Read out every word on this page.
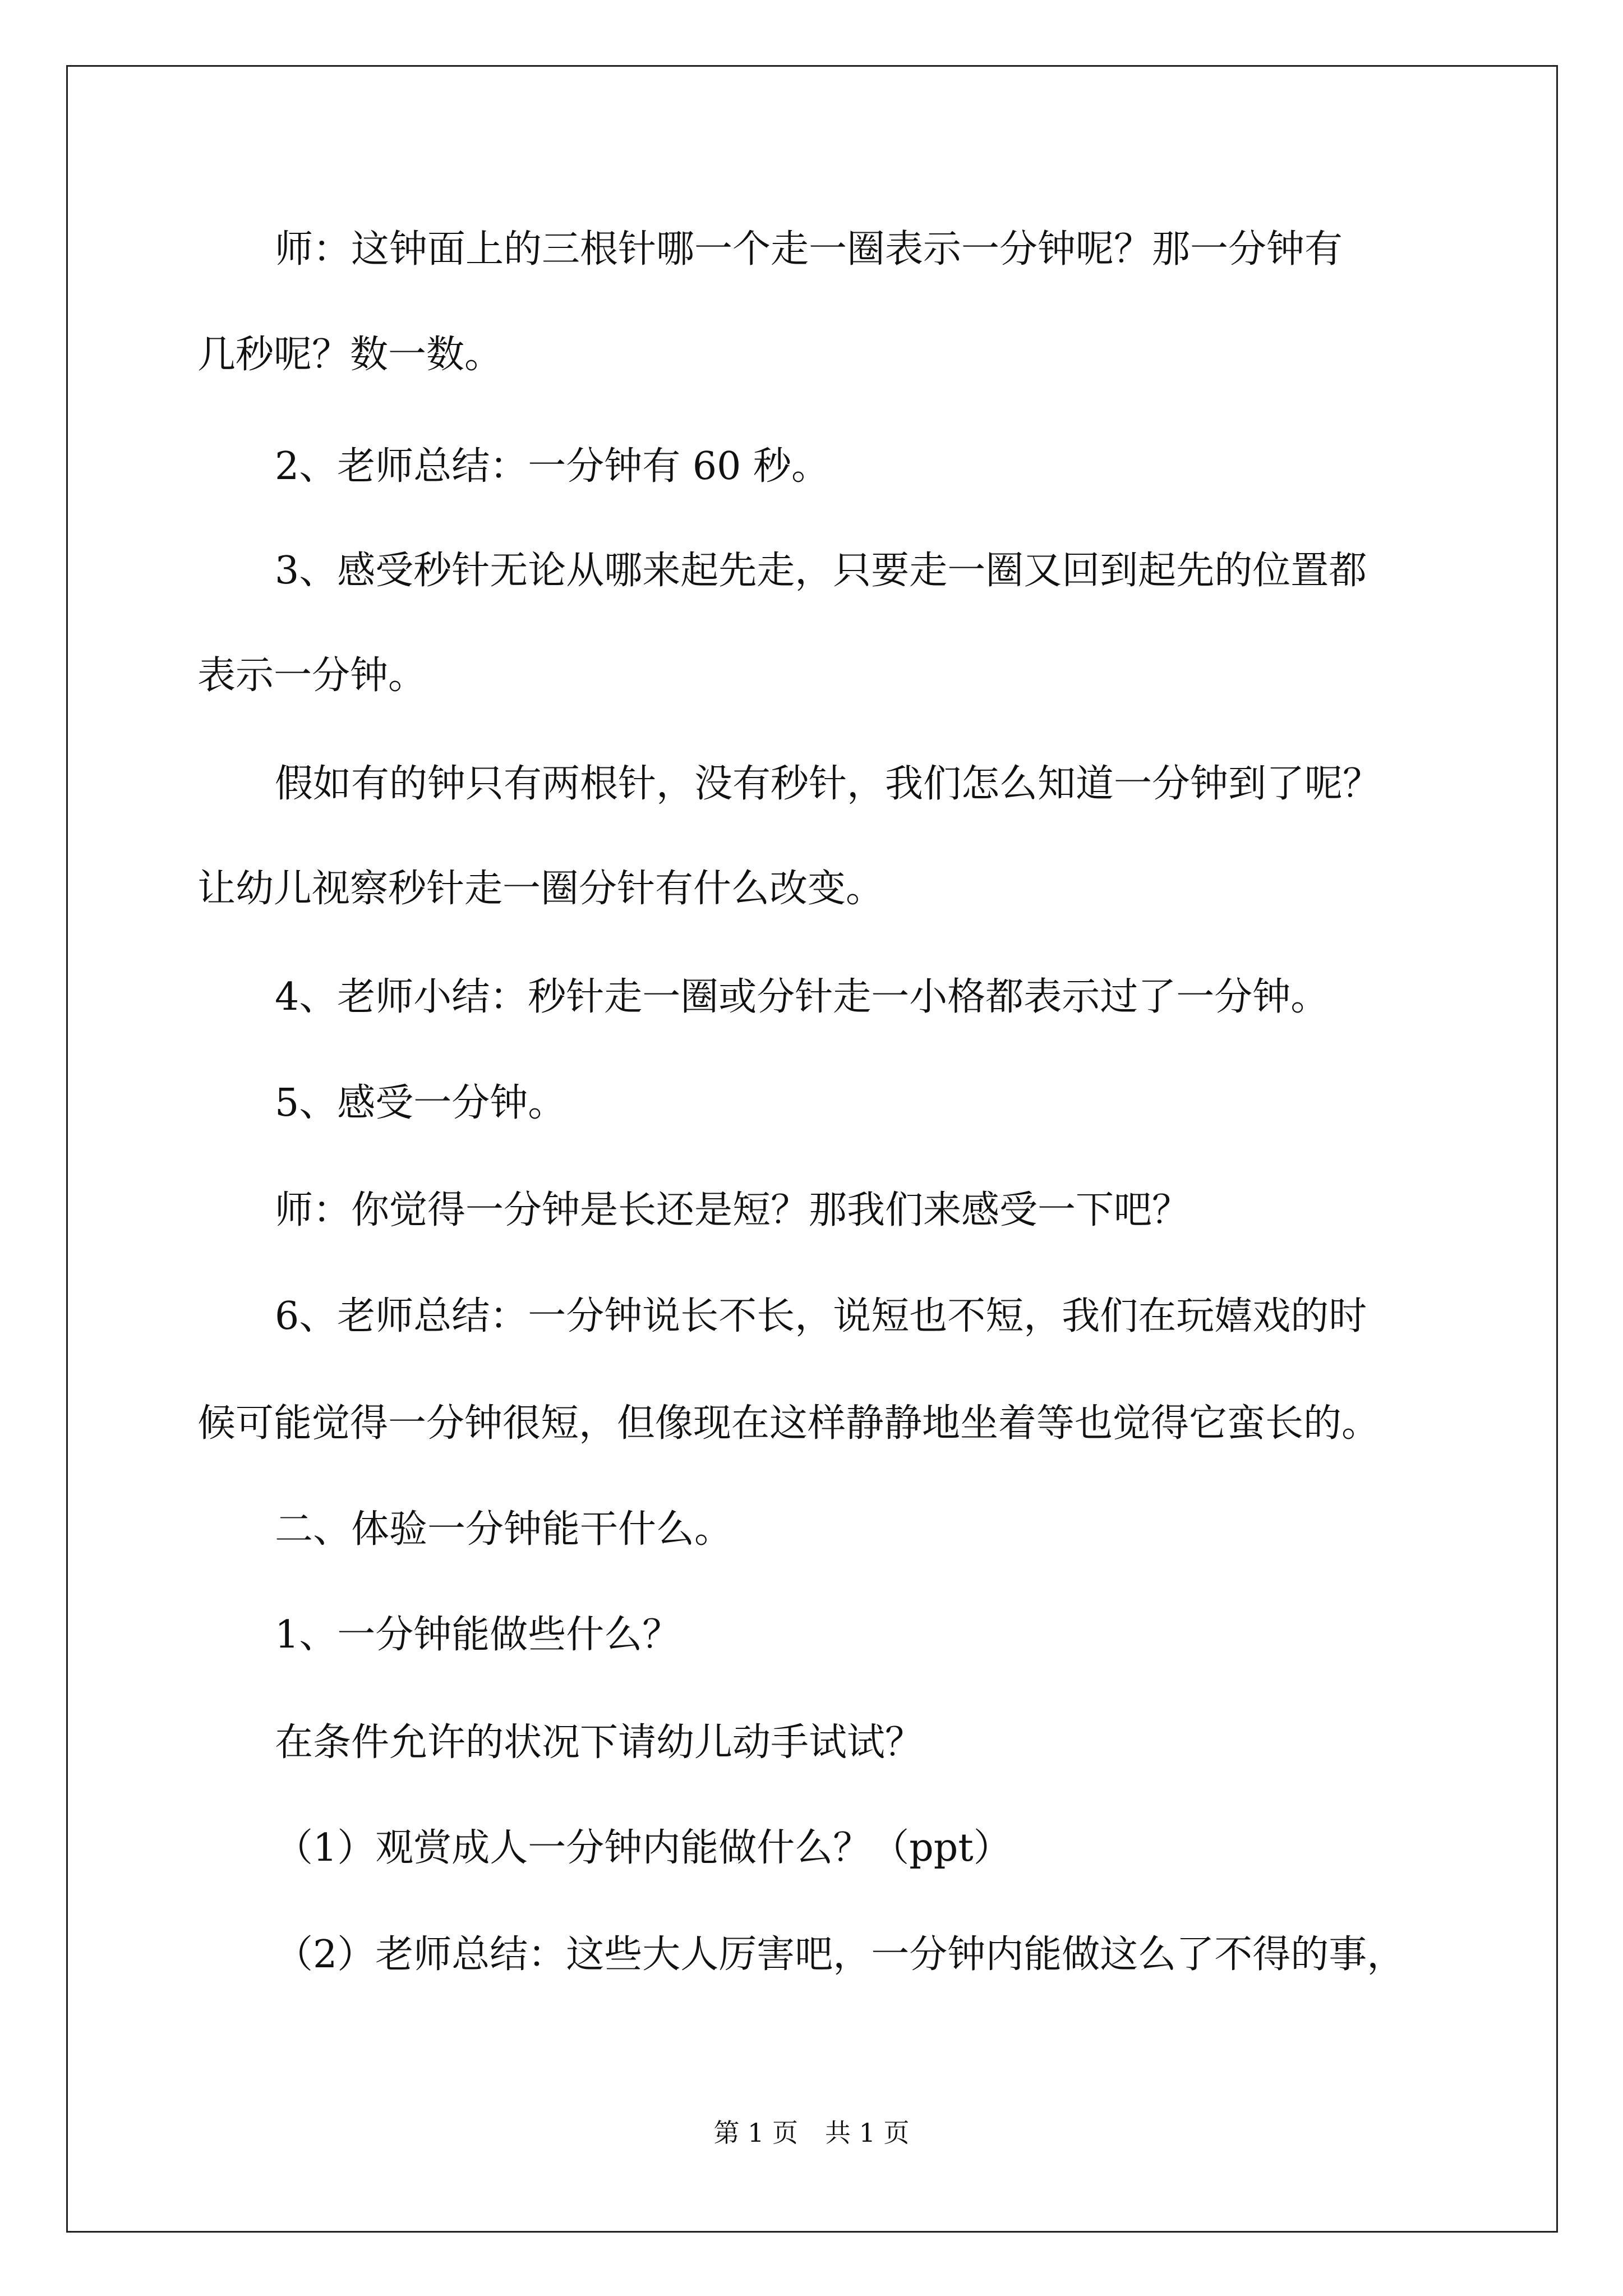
师：这钟面上的三根针哪一个走一圈表示一分钟呢？那一分钟有

几秒呢？数一数。

2、老师总结：一分钟有 60 秒。

3、感受秒针无论从哪来起先走，只要走一圈又回到起先的位置都

表示一分钟。

假如有的钟只有两根针，没有秒针，我们怎么知道一分钟到了呢？

让幼儿视察秒针走一圈分针有什么改变。

4、老师小结：秒针走一圈或分针走一小格都表示过了一分钟。

5、感受一分钟。

师：你觉得一分钟是长还是短？那我们来感受一下吧？

6、老师总结：一分钟说长不长，说短也不短，我们在玩嬉戏的时

候可能觉得一分钟很短，但像现在这样静静地坐着等也觉得它蛮长的。

二、体验一分钟能干什么。

1、一分钟能做些什么？

在条件允许的状况下请幼儿动手试试？

（1）观赏成人一分钟内能做什么？（ppt）

（2）老师总结：这些大人厉害吧，一分钟内能做这么了不得的事，

第 1 页 共 1 页
